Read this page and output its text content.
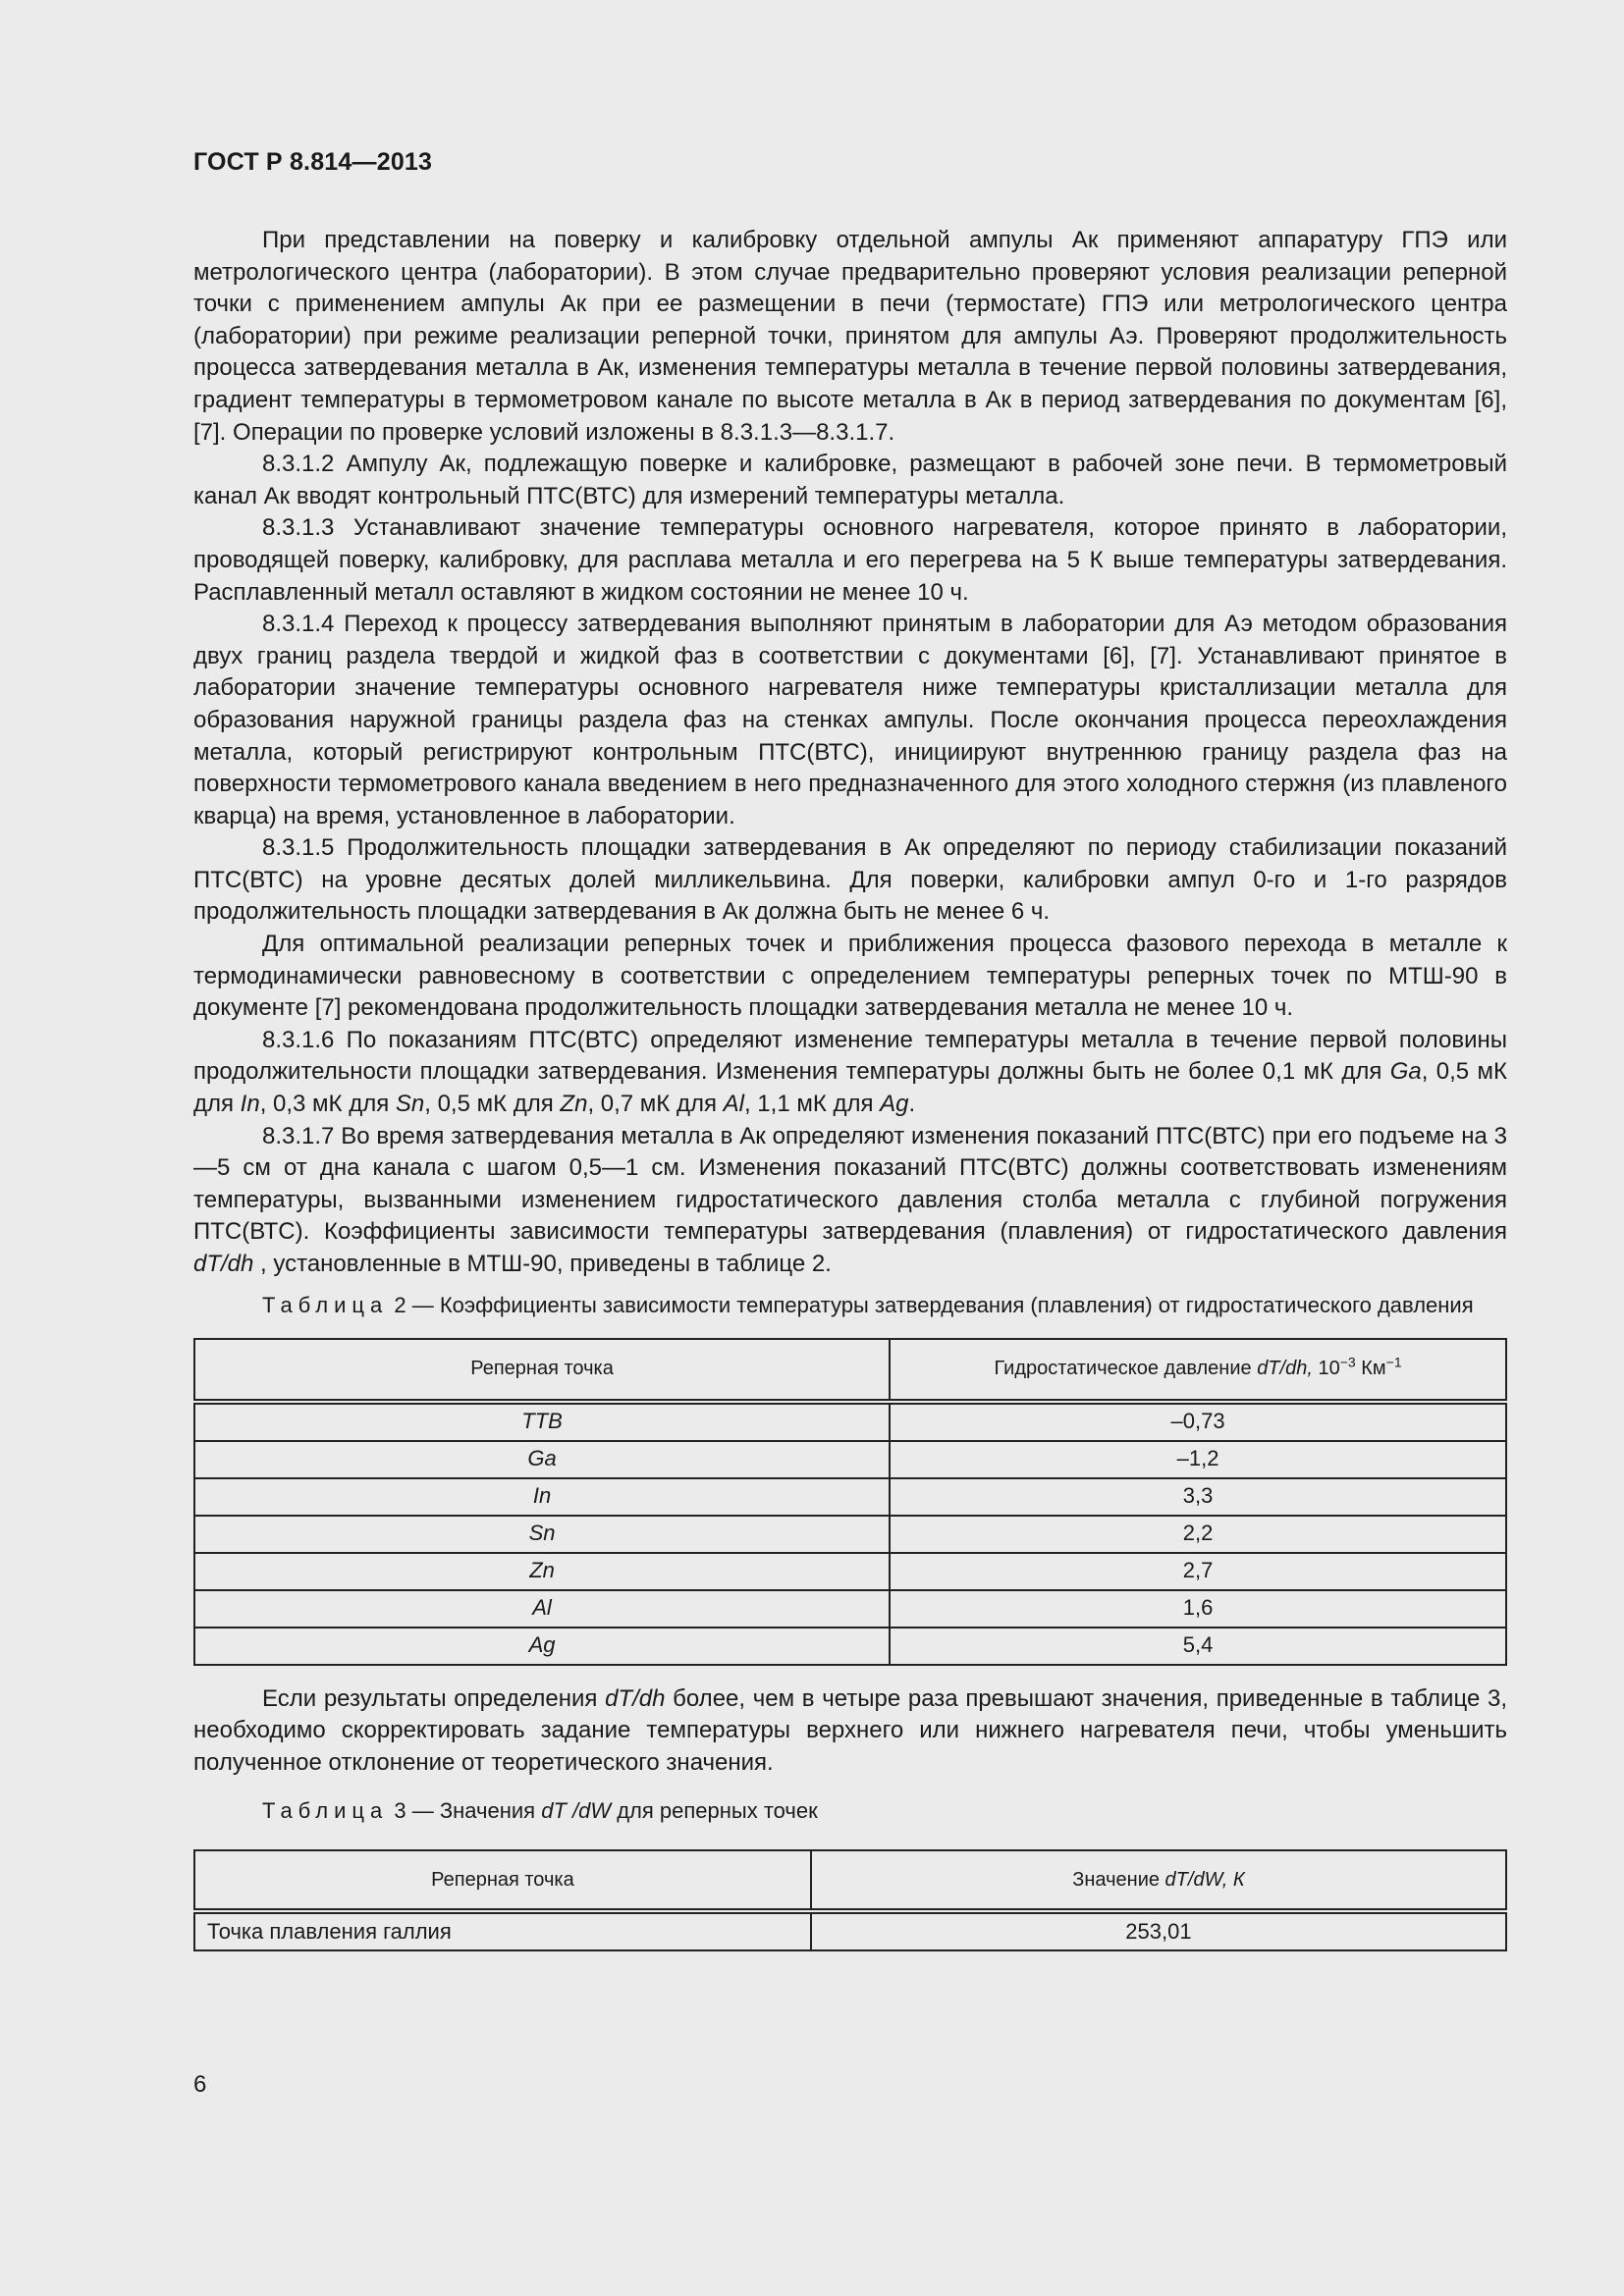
ГОСТ Р 8.814—2013

При представлении на поверку и калибровку отдельной ампулы Ак применяют аппаратуру ГПЭ или метрологического центра (лаборатории). В этом случае предварительно проверяют условия реализации реперной точки с применением ампулы Ак при ее размещении в печи (термостате) ГПЭ или метрологического центра (лаборатории) при режиме реализации реперной точки, принятом для ампулы Аэ. Проверяют продолжительность процесса затвердевания металла в Ак, изменения температуры металла в течение первой половины затвердевания, градиент температуры в термометровом канале по высоте металла в Ак в период затвердевания по документам [6], [7]. Операции по проверке условий изложены в 8.3.1.3—8.3.1.7.

8.3.1.2 Ампулу Ак, подлежащую поверке и калибровке, размещают в рабочей зоне печи. В термометровый канал Ак вводят контрольный ПТС(ВТС) для измерений температуры металла.

8.3.1.3 Устанавливают значение температуры основного нагревателя, которое принято в лаборатории, проводящей поверку, калибровку, для расплава металла и его перегрева на 5 К выше температуры затвердевания. Расплавленный металл оставляют в жидком состоянии не менее 10 ч.

8.3.1.4 Переход к процессу затвердевания выполняют принятым в лаборатории для Аэ методом образования двух границ раздела твердой и жидкой фаз в соответствии с документами [6], [7]. Устанавливают принятое в лаборатории значение температуры основного нагревателя ниже температуры кристаллизации металла для образования наружной границы раздела фаз на стенках ампулы. После окончания процесса переохлаждения металла, который регистрируют контрольным ПТС(ВТС), инициируют внутреннюю границу раздела фаз на поверхности термометрового канала введением в него предназначенного для этого холодного стержня (из плавленого кварца) на время, установленное в лаборатории.

8.3.1.5 Продолжительность площадки затвердевания в Ак определяют по периоду стабилизации показаний ПТС(ВТС) на уровне десятых долей милликельвина. Для поверки, калибровки ампул 0-го и 1-го разрядов продолжительность площадки затвердевания в Ак должна быть не менее 6 ч.

Для оптимальной реализации реперных точек и приближения процесса фазового перехода в металле к термодинамически равновесному в соответствии с определением температуры реперных точек по МТШ-90 в документе [7] рекомендована продолжительность площадки затвердевания металла не менее 10 ч.

8.3.1.6 По показаниям ПТС(ВТС) определяют изменение температуры металла в течение первой половины продолжительности площадки затвердевания. Изменения температуры должны быть не более 0,1 мК для Ga, 0,5 мК для In, 0,3 мК для Sn, 0,5 мК для Zn, 0,7 мК для Al, 1,1 мК для Ag.

8.3.1.7 Во время затвердевания металла в Ак определяют изменения показаний ПТС(ВТС) при его подъеме на 3—5 см от дна канала с шагом 0,5—1 см. Изменения показаний ПТС(ВТС) должны соответствовать изменениям температуры, вызванными изменением гидростатического давления столба металла с глубиной погружения ПТС(ВТС). Коэффициенты зависимости температуры затвердевания (плавления) от гидростатического давления dT/dh , установленные в МТШ-90, приведены в таблице 2.

Таблица 2 — Коэффициенты зависимости температуры затвердевания (плавления) от гидростатического давления

Реперная точка	Гидростатическое давление dT/dh, $10^{-3}$ $Км^{-1}$
ТТВ	–0,73
Ga	–1,2
In	3,3
Sn	2,2
Zn	2,7
Al	1,6
Ag	5,4

Если результаты определения dT/dh более, чем в четыре раза превышают значения, приведенные в таблице 3, необходимо скорректировать задание температуры верхнего или нижнего нагревателя печи, чтобы уменьшить полученное отклонение от теоретического значения.

Таблица 3 — Значения dT /dW для реперных точек

Реперная точка	Значение dT/dW, К
Точка плавления галлия	253,01
6
